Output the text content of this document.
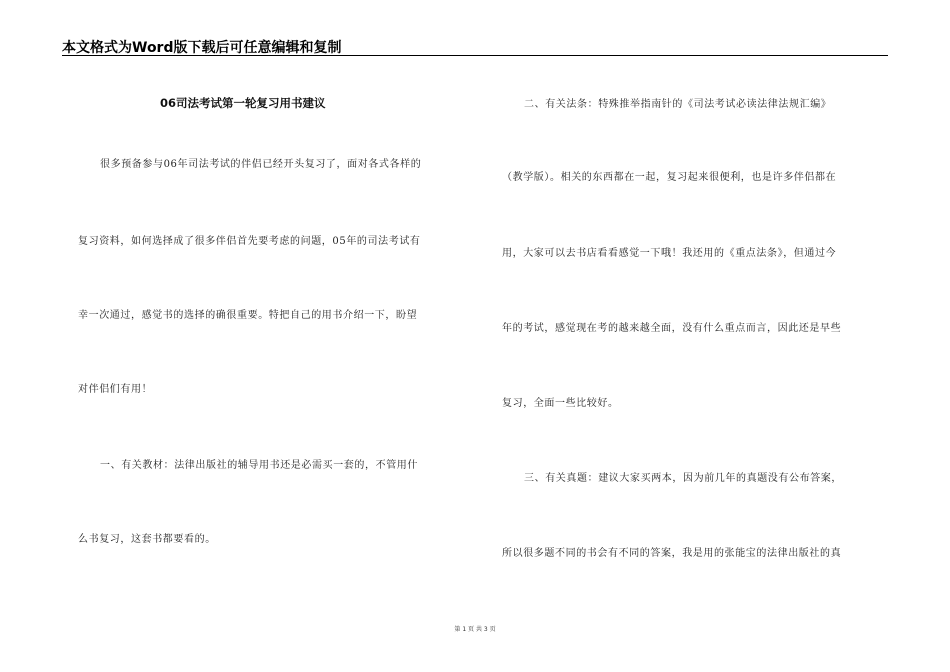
本文格式为Word版下载后可任意编辑和复制
06司法考试第一轮复习用书建议
很多预备参与06年司法考试的伴侣已经开头复习了，面对各式各样的
复习资料，如何选择成了很多伴侣首先要考虑的问题，05年的司法考试有
幸一次通过，感觉书的选择的确很重要。特把自己的用书介绍一下，盼望
对伴侣们有用！
一、有关教材：法律出版社的辅导用书还是必需买一套的，不管用什
么书复习，这套书都要看的。
二、有关法条：特殊推举指南针的《司法考试必读法律法规汇编》
（教学版）。相关的东西都在一起，复习起来很便利，也是许多伴侣都在
用，大家可以去书店看看感觉一下哦！我还用的《重点法条》，但通过今
年的考试，感觉现在考的越来越全面，没有什么重点而言，因此还是早些
复习，全面一些比较好。
三、有关真题：建议大家买两本，因为前几年的真题没有公布答案，
所以很多题不同的书会有不同的答案，我是用的张能宝的法律出版社的真
第 1 页 共 3 页
